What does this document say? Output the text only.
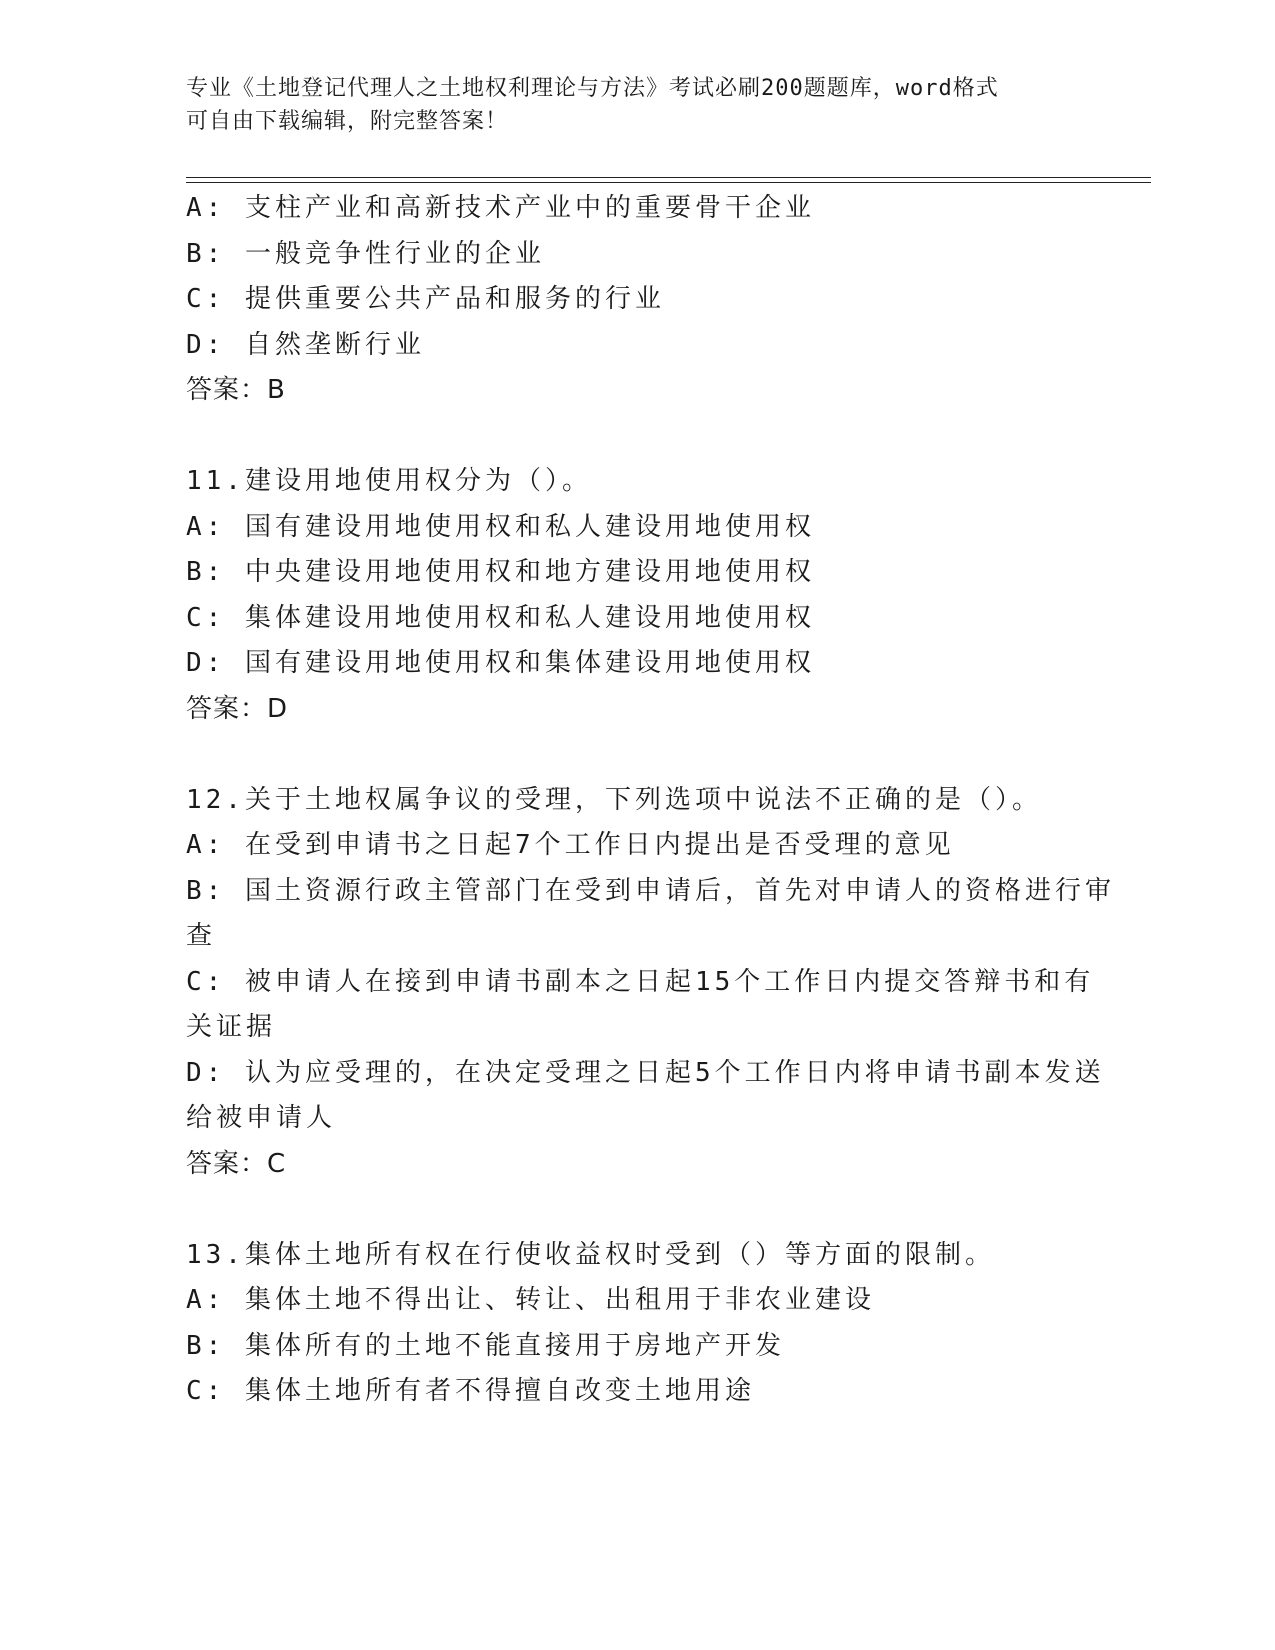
专业《土地登记代理人之土地权利理论与方法》考试必刷200题题库，word格式
可自由下载编辑，附完整答案！
A: 支柱产业和高新技术产业中的重要骨干企业
B: 一般竞争性行业的企业
C: 提供重要公共产品和服务的行业
D: 自然垄断行业
答案：B
11.建设用地使用权分为（）。
A: 国有建设用地使用权和私人建设用地使用权
B: 中央建设用地使用权和地方建设用地使用权
C: 集体建设用地使用权和私人建设用地使用权
D: 国有建设用地使用权和集体建设用地使用权
答案：D
12.关于土地权属争议的受理，下列选项中说法不正确的是（）。
A: 在受到申请书之日起7个工作日内提出是否受理的意见
B: 国土资源行政主管部门在受到申请后，首先对申请人的资格进行审
查
C: 被申请人在接到申请书副本之日起15个工作日内提交答辩书和有
关证据
D: 认为应受理的，在决定受理之日起5个工作日内将申请书副本发送
给被申请人
答案：C
13.集体土地所有权在行使收益权时受到（）等方面的限制。
A: 集体土地不得出让、转让、出租用于非农业建设
B: 集体所有的土地不能直接用于房地产开发
C: 集体土地所有者不得擅自改变土地用途
